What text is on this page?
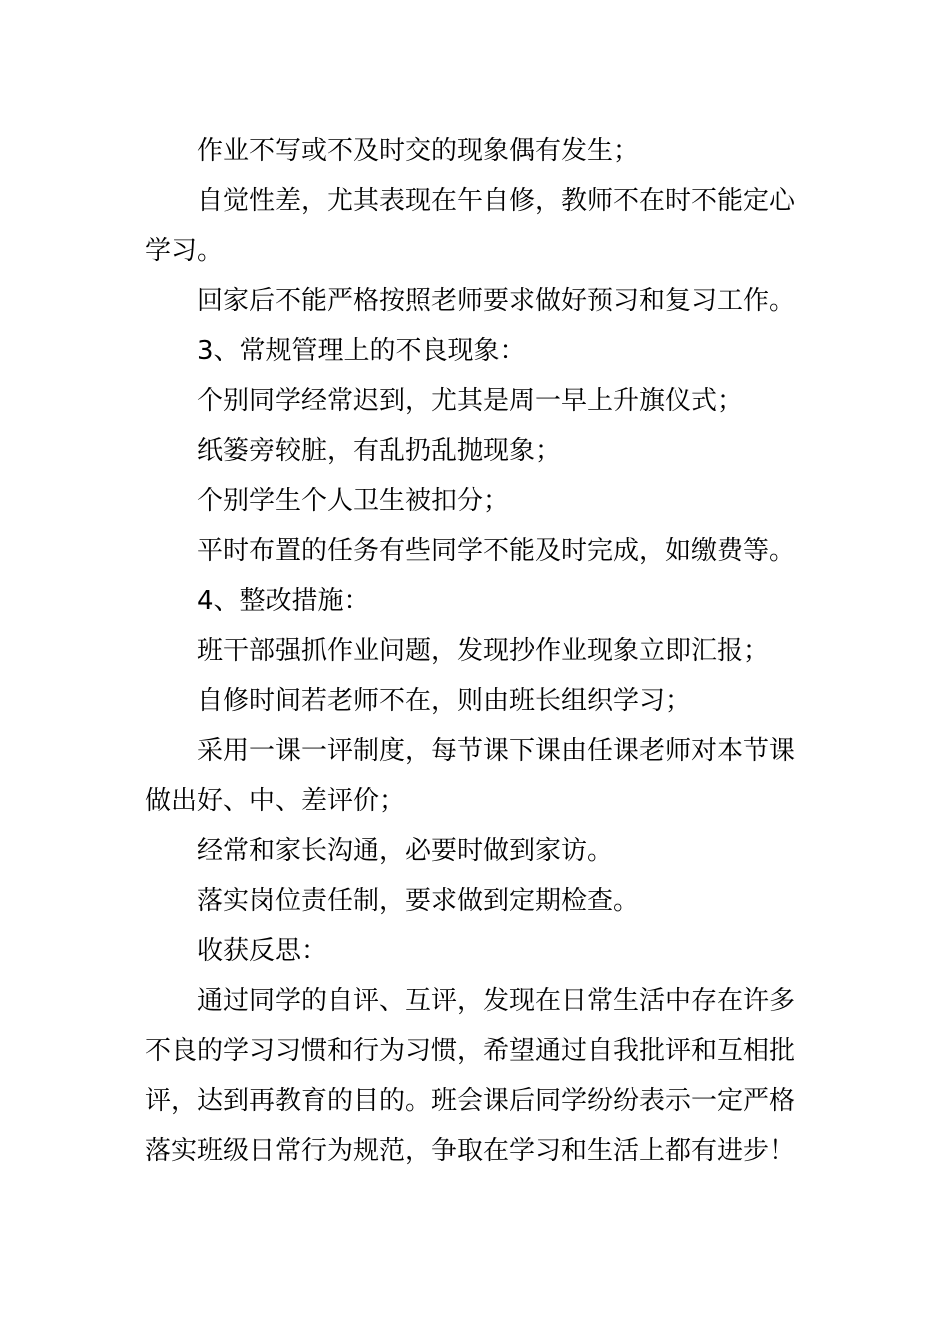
作业不写或不及时交的现象偶有发生；

自觉性差，尤其表现在午自修，教师不在时不能定心学习。

回家后不能严格按照老师要求做好预习和复习工作。

3、常规管理上的不良现象：

个别同学经常迟到，尤其是周一早上升旗仪式；

纸篓旁较脏，有乱扔乱抛现象；

个别学生个人卫生被扣分；

平时布置的任务有些同学不能及时完成，如缴费等。

4、整改措施：

班干部强抓作业问题，发现抄作业现象立即汇报；

自修时间若老师不在，则由班长组织学习；

采用一课一评制度，每节课下课由任课老师对本节课做出好、中、差评价；

经常和家长沟通，必要时做到家访。

落实岗位责任制，要求做到定期检查。

收获反思：

通过同学的自评、互评，发现在日常生活中存在许多不良的学习习惯和行为习惯，希望通过自我批评和互相批评，达到再教育的目的。班会课后同学纷纷表示一定严格落实班级日常行为规范，争取在学习和生活上都有进步！
